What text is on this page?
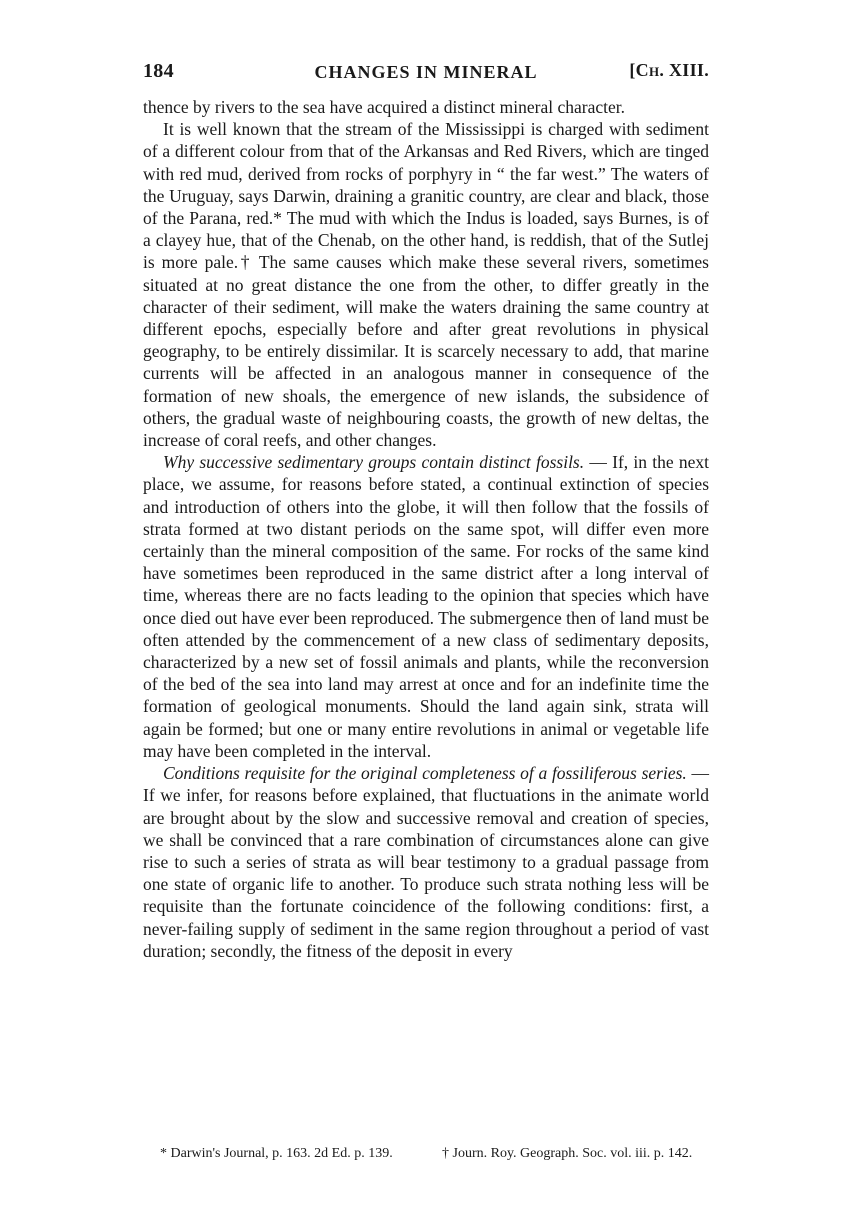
184	CHANGES IN MINERAL	[Ch. XIII.

thence by rivers to the sea have acquired a distinct mineral character.

It is well known that the stream of the Mississippi is charged with sediment of a different colour from that of the Arkansas and Red Rivers, which are tinged with red mud, derived from rocks of porphyry in “ the far west.” The waters of the Uruguay, says Darwin, draining a granitic country, are clear and black, those of the Parana, red.* The mud with which the Indus is loaded, says Burnes, is of a clayey hue, that of the Chenab, on the other hand, is reddish, that of the Sutlej is more pale.† The same causes which make these several rivers, sometimes situated at no great distance the one from the other, to differ greatly in the character of their sediment, will make the waters draining the same country at different epochs, especially before and after great revolutions in physical geography, to be entirely dissimilar. It is scarcely necessary to add, that marine currents will be affected in an analogous manner in consequence of the formation of new shoals, the emergence of new islands, the subsidence of others, the gradual waste of neighbouring coasts, the growth of new deltas, the increase of coral reefs, and other changes.

Why successive sedimentary groups contain distinct fossils. — If, in the next place, we assume, for reasons before stated, a continual extinction of species and introduction of others into the globe, it will then follow that the fossils of strata formed at two distant periods on the same spot, will differ even more certainly than the mineral composition of the same. For rocks of the same kind have sometimes been reproduced in the same district after a long interval of time, whereas there are no facts leading to the opinion that species which have once died out have ever been reproduced. The submergence then of land must be often attended by the commencement of a new class of sedimentary deposits, characterized by a new set of fossil animals and plants, while the reconversion of the bed of the sea into land may arrest at once and for an indefinite time the formation of geological monuments. Should the land again sink, strata will again be formed; but one or many entire revolutions in animal or vegetable life may have been completed in the interval.

Conditions requisite for the original completeness of a fossiliferous series. — If we infer, for reasons before explained, that fluctuations in the animate world are brought about by the slow and successive removal and creation of species, we shall be convinced that a rare combination of circumstances alone can give rise to such a series of strata as will bear testimony to a gradual passage from one state of organic life to another. To produce such strata nothing less will be requisite than the fortunate coincidence of the following conditions: first, a never-failing supply of sediment in the same region throughout a period of vast duration; secondly, the fitness of the deposit in every

* Darwin's Journal, p. 163. 2d Ed. p. 139.	† Journ. Roy. Geograph. Soc. vol. iii. p. 142.
